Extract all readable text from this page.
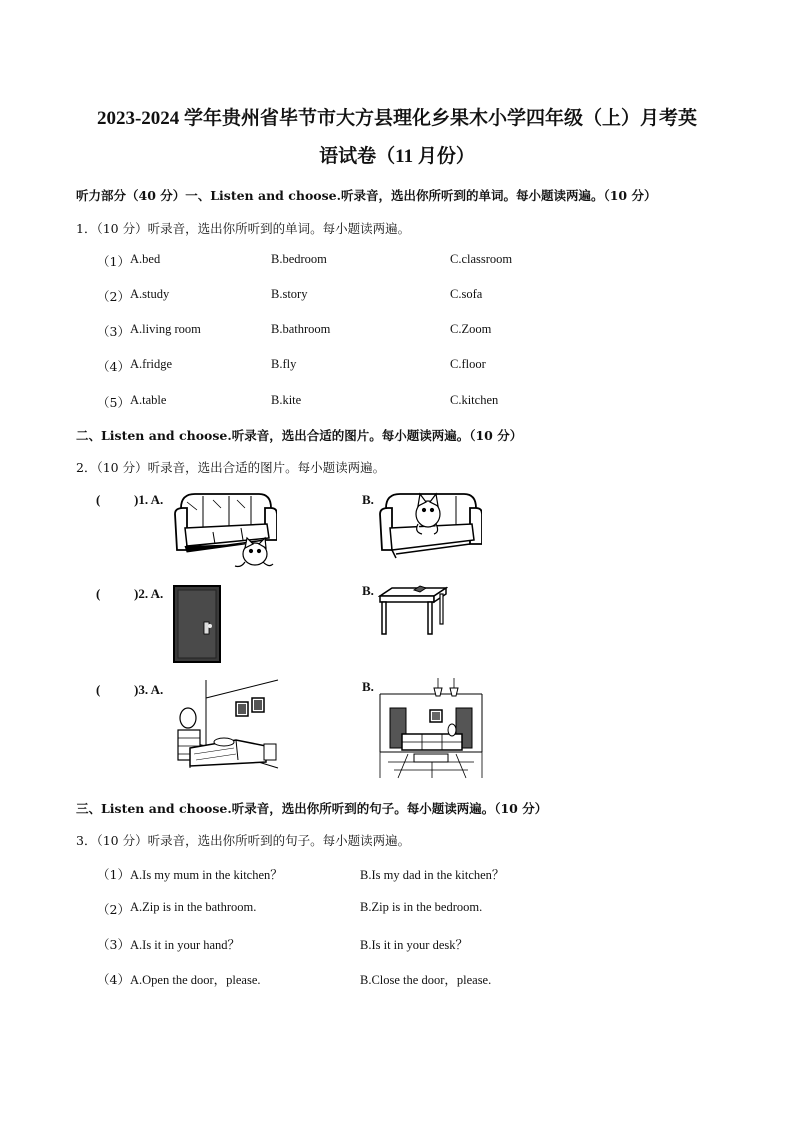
2023-2024 学年贵州省毕节市大方县理化乡果木小学四年级（上）月考英
语试卷（11 月份）
听力部分（40 分）一、Listen and choose.听录音，选出你所听到的单词。每小题读两遍。（10 分）
1．（10 分）听录音，选出你所听到的单词。每小题读两遍。
（1） A.bed	B.bedroom	C.classroom
（2） A.study	B.story	C.sofa
（3） A.living room	B.bathroom	C.Zoom
（4） A.fridge	B.fly	C.floor
（5） A.table	B.kite	C.kitchen
二、Listen and choose.听录音，选出合适的图片。每小题读两遍。（10 分）
2．（10 分）听录音，选出合适的图片。每小题读两遍。
(	)1. A.	B.
(	)2. A.	B.
(	)3. A.	B.
三、Listen and choose.听录音，选出你所听到的句子。每小题读两遍。（10 分）
3．（10 分）听录音，选出你所听到的句子。每小题读两遍。
（1） A.Is my mum in the kitchen？	B.Is my dad in the kitchen？
（2） A.Zip is in the bathroom.	B.Zip is in the bedroom.
（3） A.Is it in your hand？	B.Is it in your desk？
（4） A.Open the door，please.	B.Close the door，please.
